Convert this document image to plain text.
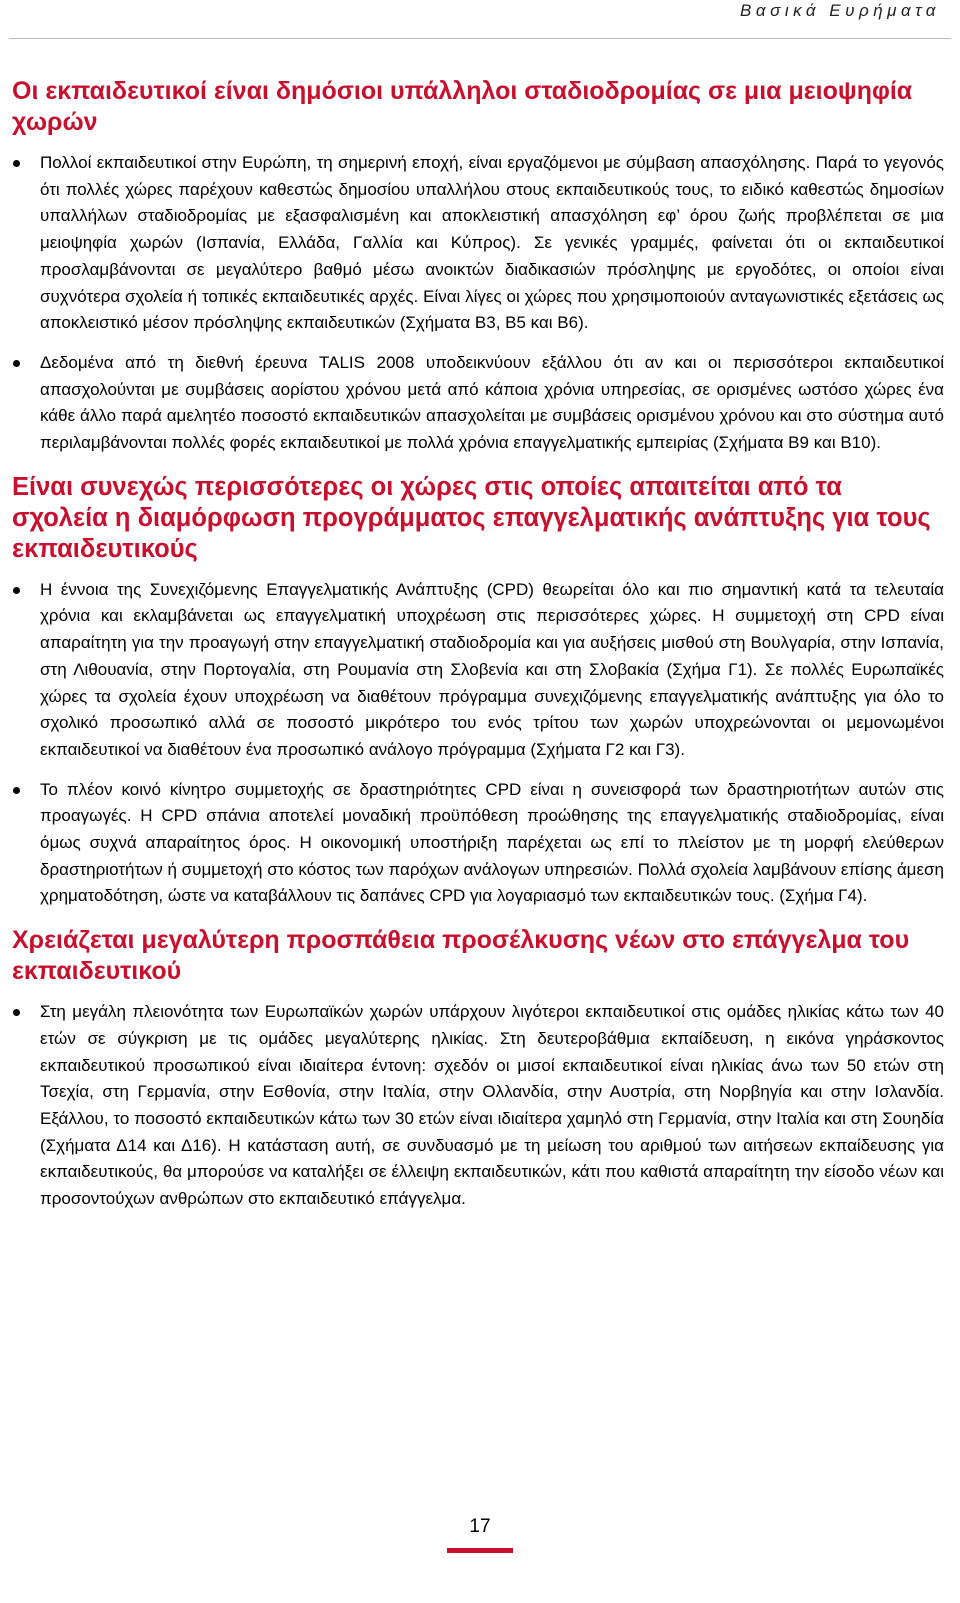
Βασικά Ευρήματα
Οι εκπαιδευτικοί είναι δημόσιοι υπάλληλοι σταδιοδρομίας σε μια μειοψηφία χωρών
Πολλοί εκπαιδευτικοί στην Ευρώπη, τη σημερινή εποχή, είναι εργαζόμενοι με σύμβαση απασχόλησης. Παρά το γεγονός ότι πολλές χώρες παρέχουν καθεστώς δημοσίου υπαλλήλου στους εκπαιδευτικούς τους, το ειδικό καθεστώς δημοσίων υπαλλήλων σταδιοδρομίας με εξασφαλισμένη και αποκλειστική απασχόληση εφ’ όρου ζωής προβλέπεται σε μια μειοψηφία χωρών (Ισπανία, Ελλάδα, Γαλλία και Κύπρος). Σε γενικές γραμμές, φαίνεται ότι οι εκπαιδευτικοί προσλαμβάνονται σε μεγαλύτερο βαθμό μέσω ανοικτών διαδικασιών πρόσληψης με εργοδότες, οι οποίοι είναι συχνότερα σχολεία ή τοπικές εκπαιδευτικές αρχές. Είναι λίγες οι χώρες που χρησιμοποιούν ανταγωνιστικές εξετάσεις ως αποκλειστικό μέσον πρόσληψης εκπαιδευτικών (Σχήματα Β3, Β5 και Β6).
Δεδομένα από τη διεθνή έρευνα TALIS 2008 υποδεικνύουν εξάλλου ότι αν και οι περισσότεροι εκπαιδευτικοί απασχολούνται με συμβάσεις αορίστου χρόνου μετά από κάποια χρόνια υπηρεσίας, σε ορισμένες ωστόσο χώρες ένα κάθε άλλο παρά αμελητέο ποσοστό εκπαιδευτικών απασχολείται με συμβάσεις ορισμένου χρόνου και στο σύστημα αυτό περιλαμβάνονται πολλές φορές εκπαιδευτικοί με πολλά χρόνια επαγγελματικής εμπειρίας (Σχήματα Β9 και Β10).
Είναι συνεχώς περισσότερες οι χώρες στις οποίες απαιτείται από τα σχολεία η διαμόρφωση προγράμματος επαγγελματικής ανάπτυξης για τους εκπαιδευτικούς
Η έννοια της Συνεχιζόμενης Επαγγελματικής Ανάπτυξης (CPD) θεωρείται όλο και πιο σημαντική κατά τα τελευταία χρόνια και εκλαμβάνεται ως επαγγελματική υποχρέωση στις περισσότερες χώρες. Η συμμετοχή στη CPD είναι απαραίτητη για την προαγωγή στην επαγγελματική σταδιοδρομία και για αυξήσεις μισθού στη Βουλγαρία, στην Ισπανία, στη Λιθουανία, στην Πορτογαλία, στη Ρουμανία στη Σλοβενία και στη Σλοβακία (Σχήμα Γ1). Σε πολλές Ευρωπαϊκές χώρες τα σχολεία έχουν υποχρέωση να διαθέτουν πρόγραμμα συνεχιζόμενης επαγγελματικής ανάπτυξης για όλο το σχολικό προσωπικό αλλά σε ποσοστό μικρότερο του ενός τρίτου των χωρών υποχρεώνονται οι μεμονωμένοι εκπαιδευτικοί να διαθέτουν ένα προσωπικό ανάλογο πρόγραμμα (Σχήματα Γ2 και Γ3).
Το πλέον κοινό κίνητρο συμμετοχής σε δραστηριότητες CPD είναι η συνεισφορά των δραστηριοτήτων αυτών στις προαγωγές. Η CPD σπάνια αποτελεί μοναδική προϋπόθεση προώθησης της επαγγελματικής σταδιοδρομίας, είναι όμως συχνά απαραίτητος όρος. Η οικονομική υποστήριξη παρέχεται ως επί το πλείστον με τη μορφή ελεύθερων δραστηριοτήτων ή συμμετοχή στο κόστος των παρόχων ανάλογων υπηρεσιών. Πολλά σχολεία λαμβάνουν επίσης άμεση χρηματοδότηση, ώστε να καταβάλλουν τις δαπάνες CPD για λογαριασμό των εκπαιδευτικών τους. (Σχήμα Γ4).
Χρειάζεται μεγαλύτερη προσπάθεια προσέλκυσης νέων στο επάγγελμα του εκπαιδευτικού
Στη μεγάλη πλειονότητα των Ευρωπαϊκών χωρών υπάρχουν λιγότεροι εκπαιδευτικοί στις ομάδες ηλικίας κάτω των 40 ετών σε σύγκριση με τις ομάδες μεγαλύτερης ηλικίας. Στη δευτεροβάθμια εκπαίδευση, η εικόνα γηράσκοντος εκπαιδευτικού προσωπικού είναι ιδιαίτερα έντονη: σχεδόν οι μισοί εκπαιδευτικοί είναι ηλικίας άνω των 50 ετών στη Τσεχία, στη Γερμανία, στην Εσθονία, στην Ιταλία, στην Ολλανδία, στην Αυστρία, στη Νορβηγία και στην Ισλανδία. Εξάλλου, το ποσοστό εκπαιδευτικών κάτω των 30 ετών είναι ιδιαίτερα χαμηλό στη Γερμανία, στην Ιταλία και στη Σουηδία (Σχήματα Δ14 και Δ16). Η κατάσταση αυτή, σε συνδυασμό με τη μείωση του αριθμού των αιτήσεων εκπαίδευσης για εκπαιδευτικούς, θα μπορούσε να καταλήξει σε έλλειψη εκπαιδευτικών, κάτι που καθιστά απαραίτητη την είσοδο νέων και προσοντούχων ανθρώπων στο εκπαιδευτικό επάγγελμα.
17
